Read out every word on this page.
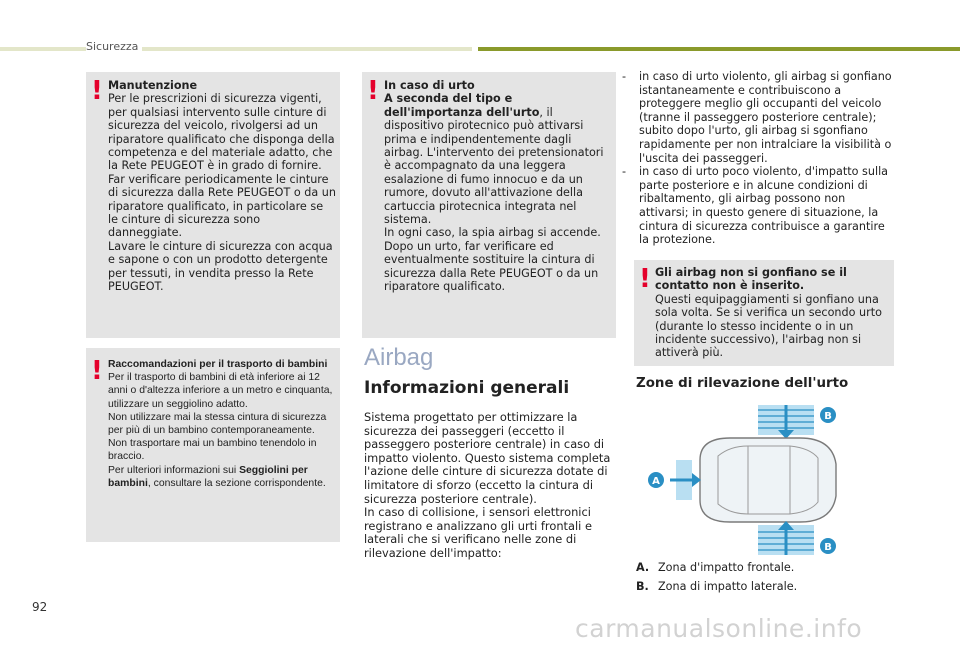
Sicurezza
! Manutenzione
Per le prescrizioni di sicurezza vigenti, per qualsiasi intervento sulle cinture di sicurezza del veicolo, rivolgersi ad un riparatore qualificato che disponga della competenza e del materiale adatto, che la Rete PEUGEOT è in grado di fornire.
Far verificare periodicamente le cinture di sicurezza dalla Rete PEUGEOT o da un riparatore qualificato, in particolare se le cinture di sicurezza sono danneggiate.
Lavare le cinture di sicurezza con acqua e sapone o con un prodotto detergente per tessuti, in vendita presso la Rete PEUGEOT.
! Raccomandazioni per il trasporto di bambini
Per il trasporto di bambini di età inferiore ai 12 anni o d'altezza inferiore a un metro e cinquanta, utilizzare un seggiolino adatto.
Non utilizzare mai la stessa cintura di sicurezza per più di un bambino contemporaneamente.
Non trasportare mai un bambino tenendolo in braccio.
Per ulteriori informazioni sui Seggiolini per bambini, consultare la sezione corrispondente.
! In caso di urto
A seconda del tipo e dell'importanza dell'urto, il dispositivo pirotecnico può attivarsi prima e indipendentemente dagli airbag. L'intervento dei pretensionatori è accompagnato da una leggera esalazione di fumo innocuo e da un rumore, dovuto all'attivazione della cartuccia pirotecnica integrata nel sistema.
In ogni caso, la spia airbag si accende.
Dopo un urto, far verificare ed eventualmente sostituire la cintura di sicurezza dalla Rete PEUGEOT o da un riparatore qualificato.
Airbag
Informazioni generali

Sistema progettato per ottimizzare la sicurezza dei passeggeri (eccetto il passeggero posteriore centrale) in caso di impatto violento. Questo sistema completa l'azione delle cinture di sicurezza dotate di limitatore di sforzo (eccetto la cintura di sicurezza posteriore centrale).
In caso di collisione, i sensori elettronici registrano e analizzano gli urti frontali e laterali che si verificano nelle zone di rilevazione dell'impatto:

- in caso di urto violento, gli airbag si gonfiano istantaneamente e contribuiscono a proteggere meglio gli occupanti del veicolo (tranne il passeggero posteriore centrale); subito dopo l'urto, gli airbag si sgonfiano rapidamente per non intralciare la visibilità o l'uscita dei passeggeri.
- in caso di urto poco violento, d'impatto sulla parte posteriore e in alcune condizioni di ribaltamento, gli airbag possono non attivarsi; in questo genere di situazione, la cintura di sicurezza contribuisce a garantire la protezione.
! Gli airbag non si gonfiano se il contatto non è inserito.
Questi equipaggiamenti si gonfiano una sola volta. Se si verifica un secondo urto (durante lo stesso incidente o in un incidente successivo), l'airbag non si attiverà più.
Zone di rilevazione dell'urto
B
A
B
A. Zona d'impatto frontale.
B. Zona di impatto laterale.
92
carmanualsonline.info
